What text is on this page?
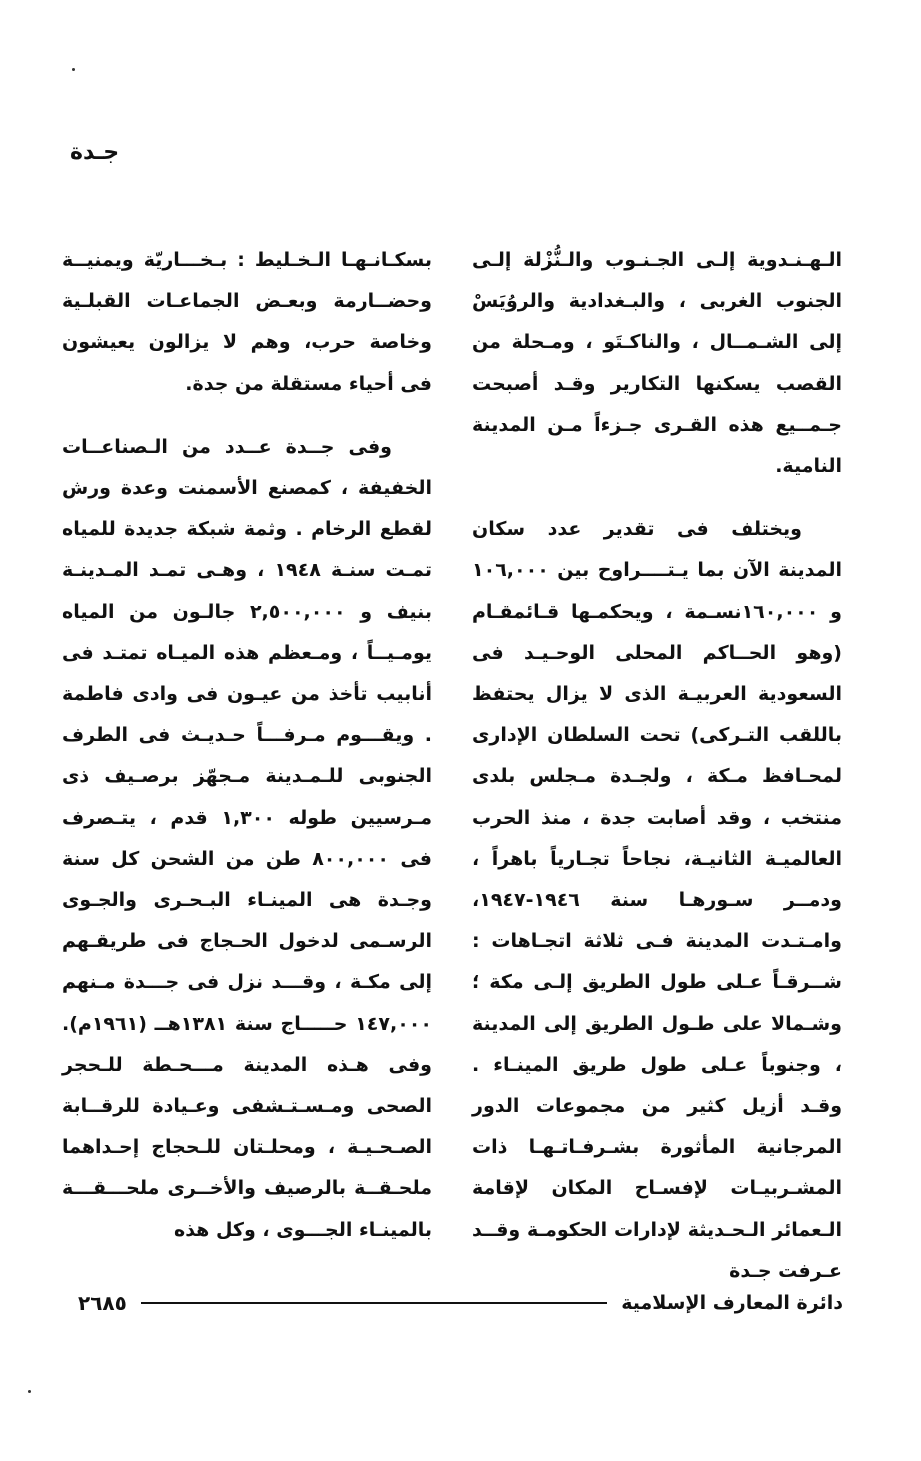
جـدة

الـهـنـدوية إلـى الجـنـوب والـنُّزْلة إلـى الجنوب الغربى ، والبـغدادية والروُيَسْ إلى الشـمــال ، والناكـتَو ، ومـحلة من القصب يسكنها التكارير وقـد أصبحت جـمــيع هذه القـرى جـزءاً مـن المدينة النامية.

ويختلف فى تقدير عدد سكان المدينة الآن بما يـتــــراوح بين ١٠٦,٠٠٠ و ١٦٠,٠٠٠نسـمة ، ويحكمـها قـائمقـام (وهو الحــاكم المحلى الوحـيـد فى السعودية العربيـة الذى لا يزال يحتفظ باللقب التـركى) تحت السلطان الإدارى لمحـافظ مـكة ، ولجـدة مـجلس بلدى منتخب ، وقد أصابت جدة ، منذ الحرب العالميـة الثانيـة، نجاحاً تجـارياً باهراً ، ودمــر سـورهـا سنة ١٩٤٦-١٩٤٧، وامـتـدت المدينة فـى ثلاثة اتجـاهات : شــرقـاً عـلى طول الطريق إلـى مكة ؛ وشـمالا على طـول الطريق إلى المدينة ، وجنوباً عـلى طول طريق المينـاء . وقـد أزيل كثير من مجموعات الدور المرجانية المأثورة بشـرفـاتـهـا ذات المشـربيـات لإفسـاح المكان لإقامة الـعمائر الـحـديثة لإدارات الحكومـة وقــد عـرفت جـدة

بسكـانـهـا الـخـليط : بـخـــاريّة ويمنيــة وحضــارمة وبعـض الجماعـات القبلـية وخاصة حرب، وهم لا يزالون يعيشون فى أحياء مستقلة من جدة.

وفى جــدة عــدد من الـصناعــات الخفيفة ، كمصنع الأسمنت وعدة ورش لقطع الرخام . وثمة شبكة جديدة للمياه تمـت سنـة ١٩٤٨ ، وهـى تمـد المـدينـة بنيف و ٢,٥٠٠,٠٠٠ جالـون من المياه يومـيــاً ، ومـعظم هذه الميـاه تمتـد فى أنابيب تأخذ من عيـون فى وادى فاطمة . ويقـــوم مـرفـــاً حـديـث فى الطرف الجنوبى للـمـدينة مـجهّز برصـيف ذى مـرسيين طوله ١,٣٠٠ قدم ، يتـصرف فى ٨٠٠,٠٠٠ طن من الشحن كل سنة وجـدة هى المينـاء البـحـرى والجـوى الرسـمى لدخول الحـجاج فى طريقـهم إلى مكـة ، وقـــد نزل فى جـــدة مـنهم ١٤٧,٠٠٠ حـــــاج سنة ١٣٨١هــ (١٩٦١م). وفى هـذه المدينة مـــحـطة للـحجر الصحى ومـسـتـشفى وعـيادة للرقــابة الصـحـيـة ، ومحلـتان للـحجاج إحـداهما ملحـقــة بالرصيف والأخــرى ملحـــقـــة بالمينـاء الجـــوى ، وكل هذه

٢٦٨٥	دائرة المعارف الإسلامية
